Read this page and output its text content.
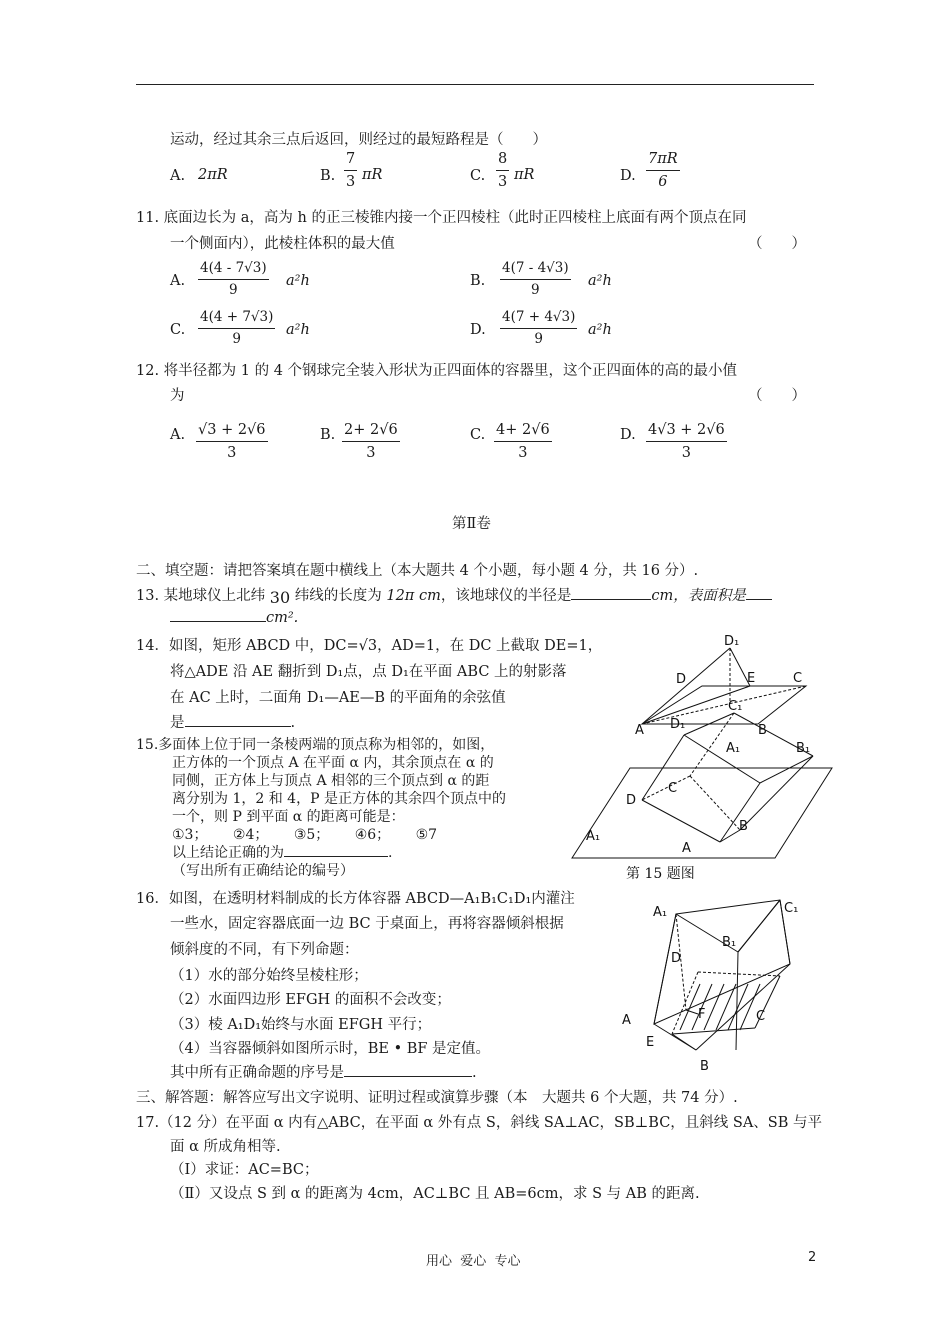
运动，经过其余三点后返回，则经过的最短路程是（　　）
A. 2πR	B. $\frac{7}{3}$ πR	C. $\frac{8}{3}$ πR	D. $\frac{7\pi R}{6}$
11. 底面边长为 a，高为 h 的正三棱锥内接一个正四棱柱（此时正四棱柱上底面有两个顶点在同
一个侧面内），此棱柱体积的最大值	（　　）
A. $\frac{4(4 - 7√3)}{9} a^2h$	B. $\frac{4(7 - 4√3)}{9} a^2h$
C. $\frac{4(4 + 7√3)}{9} a^2h$	D. $\frac{4(7 + 4√3)}{9} a^2h$
12. 将半径都为 1 的 4 个钢球完全装入形状为正四面体的容器里，这个正四面体的高的最小值
为	（　　）
A. $\frac{√3 + 2√6}{3}$	B. $\frac{2+ 2√6}{3}$	C. $\frac{4+ 2√6}{3}$	D. $\frac{4√3 + 2√6}{3}$
第Ⅱ卷
二、填空题：请把答案填在题中横线上（本大题共 4 个小题，每小题 4 分，共 16 分）.
13. 某地球仪上北纬 30 纬线的长度为 12π cm，该地球仪的半径是	cm，表面积是
cm².
14．如图，矩形 ABCD 中，DC=√3，AD=1，在 DC 上截取 DE=1，
将△ADE 沿 AE 翻折到 D₁点，点 D₁在平面 ABC 上的射影落
在 AC 上时，二面角 D₁—AE—B 的平面角的余弦值
是	.
15.多面体上位于同一条棱两端的顶点称为相邻的，如图，
正方体的一个顶点 A 在平面 α 内，其余顶点在 α 的
同侧，正方体上与顶点 A 相邻的三个顶点到 α 的距
离分别为 1，2 和 4，P 是正方体的其余四个顶点中的
一个，则 P 到平面 α 的距离可能是：
①3；　　 ②4；　　 ③5；　　 ④6；　　 ⑤7
以上结论正确的为	.
（写出所有正确结论的编号）
16．如图，在透明材料制成的长方体容器 ABCD—A₁B₁C₁D₁内灌注
一些水，固定容器底面一边 BC 于桌面上，再将容器倾斜根据
倾斜度的不同，有下列命题：
（1）水的部分始终呈棱柱形；
（2）水面四边形 EFGH 的面积不会改变；
（3）棱 A₁D₁始终与水面 EFGH 平行；
（4）当容器倾斜如图所示时，BE • BF 是定值。
其中所有正确命题的序号是	.
三、解答题：解答应写出文字说明、证明过程或演算步骤（本　大题共 6 个大题，共 74 分）.
17.（12 分）在平面 α 内有△ABC，在平面 α 外有点 S，斜线 SA⊥AC，SB⊥BC，且斜线 SA、SB 与平
面 α 所成角相等.
（Ⅰ）求证：AC=BC；
（Ⅱ）又设点 S 到 α 的距离为 4cm，AC⊥BC 且 AB=6cm，求 S 与 AB 的距离.
D₁
D	E	C
A	B
D₁
C₁
A₁	B₁
C
D
B
A₁
A
第 15 题图
A₁	C₁
B₁
D
F
A	C
E
B
用心  爱心  专心	2
